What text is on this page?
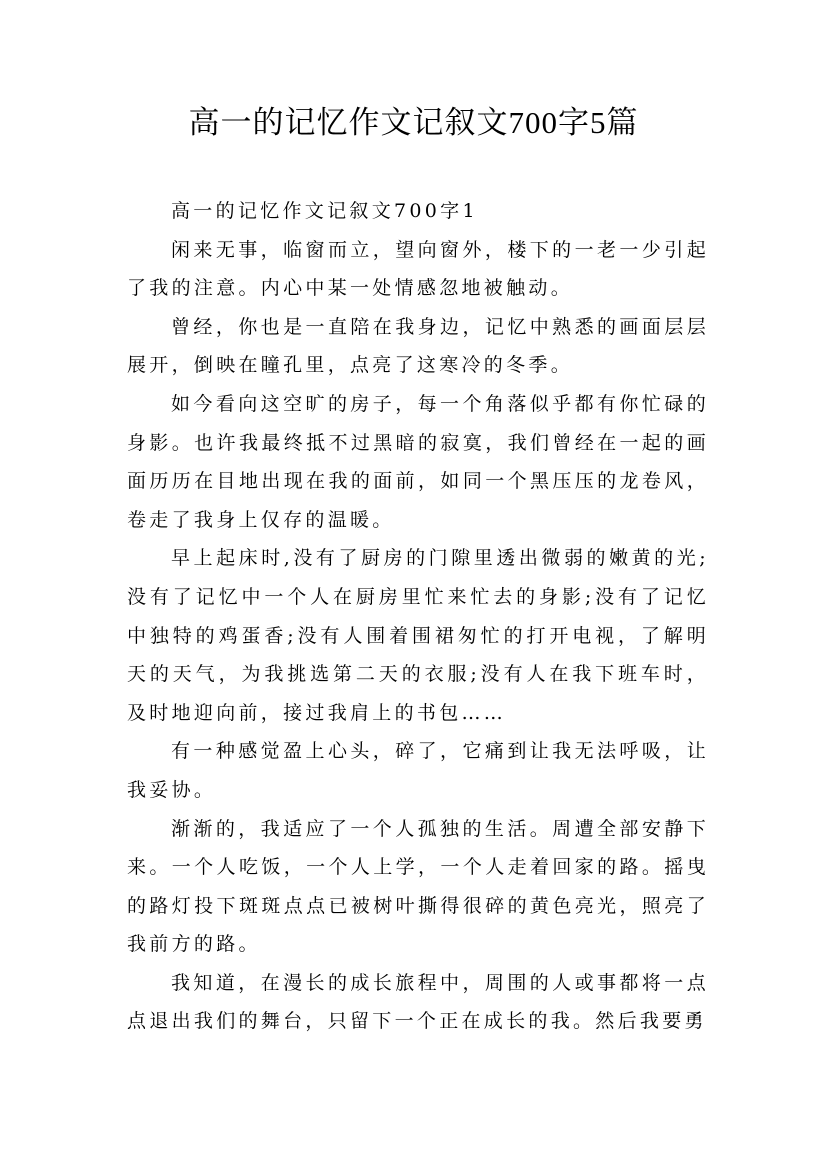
高一的记忆作文记叙文700字5篇

高一的记忆作文记叙文700字1

闲来无事，临窗而立，望向窗外，楼下的一老一少引起了我的注意。内心中某一处情感忽地被触动。

曾经，你也是一直陪在我身边，记忆中熟悉的画面层层展开，倒映在瞳孔里，点亮了这寒冷的冬季。

如今看向这空旷的房子，每一个角落似乎都有你忙碌的身影。也许我最终抵不过黑暗的寂寞，我们曾经在一起的画面历历在目地出现在我的面前，如同一个黑压压的龙卷风，卷走了我身上仅存的温暖。

早上起床时,没有了厨房的门隙里透出微弱的嫩黄的光;没有了记忆中一个人在厨房里忙来忙去的身影;没有了记忆中独特的鸡蛋香;没有人围着围裙匆忙的打开电视，了解明天的天气，为我挑选第二天的衣服;没有人在我下班车时，及时地迎向前，接过我肩上的书包……

有一种感觉盈上心头，碎了，它痛到让我无法呼吸，让我妥协。

渐渐的，我适应了一个人孤独的生活。周遭全部安静下来。一个人吃饭，一个人上学，一个人走着回家的路。摇曳的路灯投下斑斑点点已被树叶撕得很碎的黄色亮光，照亮了我前方的路。

我知道，在漫长的成长旅程中，周围的人或事都将一点点退出我们的舞台，只留下一个正在成长的我。然后我要勇
